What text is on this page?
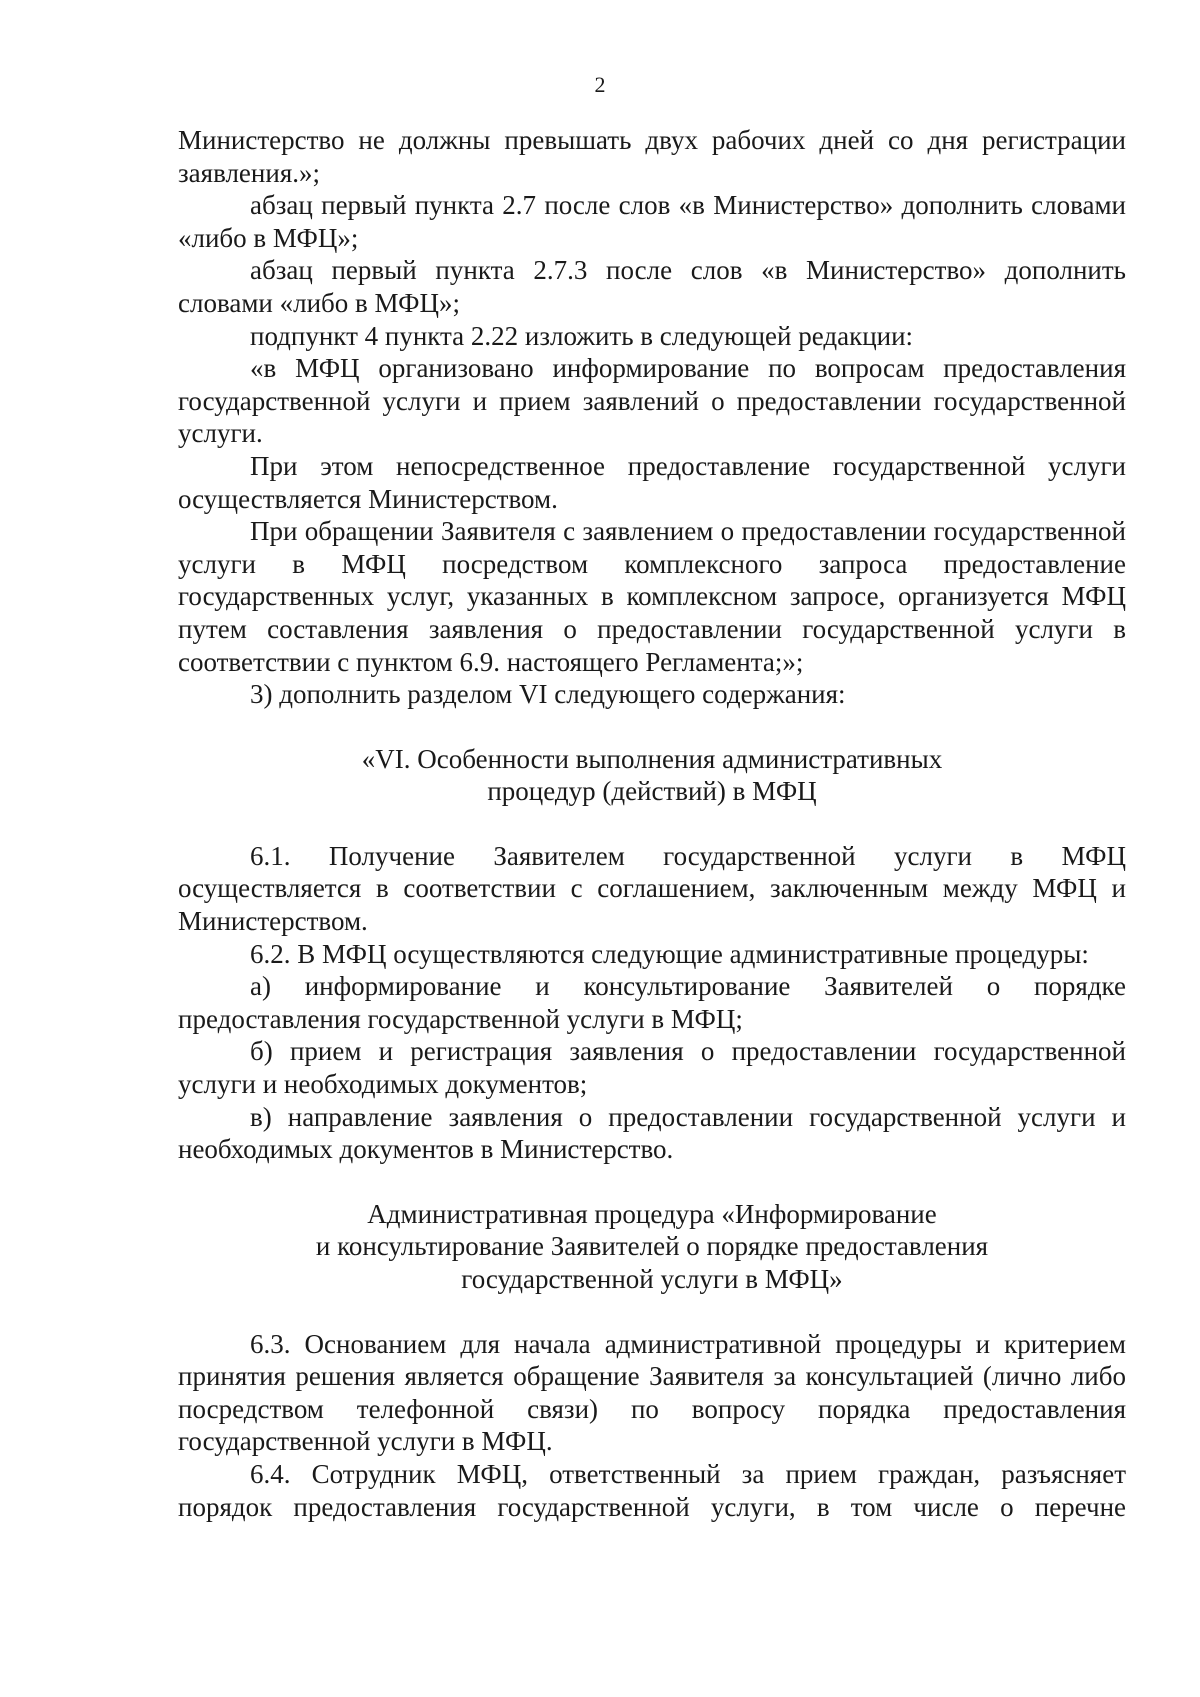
2

Министерство не должны превышать двух рабочих дней со дня регистрации заявления.»;

абзац первый пункта 2.7 после слов «в Министерство» дополнить словами «либо в МФЦ»;

абзац первый пункта 2.7.3 после слов «в Министерство» дополнить словами «либо в МФЦ»;

подпункт 4 пункта 2.22 изложить в следующей редакции:

«в МФЦ организовано информирование по вопросам предоставления государственной услуги и прием заявлений о предоставлении государственной услуги.

При этом непосредственное предоставление государственной услуги осуществляется Министерством.

При обращении Заявителя с заявлением о предоставлении государственной услуги в МФЦ посредством комплексного запроса предоставление государственных услуг, указанных в комплексном запросе, организуется МФЦ путем составления заявления о предоставлении государственной услуги в соответствии с пунктом 6.9. настоящего Регламента;»;

3) дополнить разделом VI следующего содержания:

«VI. Особенности выполнения административных

процедур (действий) в МФЦ

6.1. Получение Заявителем государственной услуги в МФЦ осуществляется в соответствии с соглашением, заключенным между МФЦ и Министерством.

6.2. В МФЦ осуществляются следующие административные процедуры:

а) информирование и консультирование Заявителей о порядке предоставления государственной услуги в МФЦ;

б) прием и регистрация заявления о предоставлении государственной услуги и необходимых документов;

в) направление заявления о предоставлении государственной услуги и необходимых документов в Министерство.

Административная процедура «Информирование

и консультирование Заявителей о порядке предоставления

государственной услуги в МФЦ»

6.3. Основанием для начала административной процедуры и критерием принятия решения является обращение Заявителя за консультацией (лично либо посредством телефонной связи) по вопросу порядка предоставления государственной услуги в МФЦ.

6.4. Сотрудник МФЦ, ответственный за прием граждан, разъясняет порядок предоставления государственной услуги, в том числе о перечне
